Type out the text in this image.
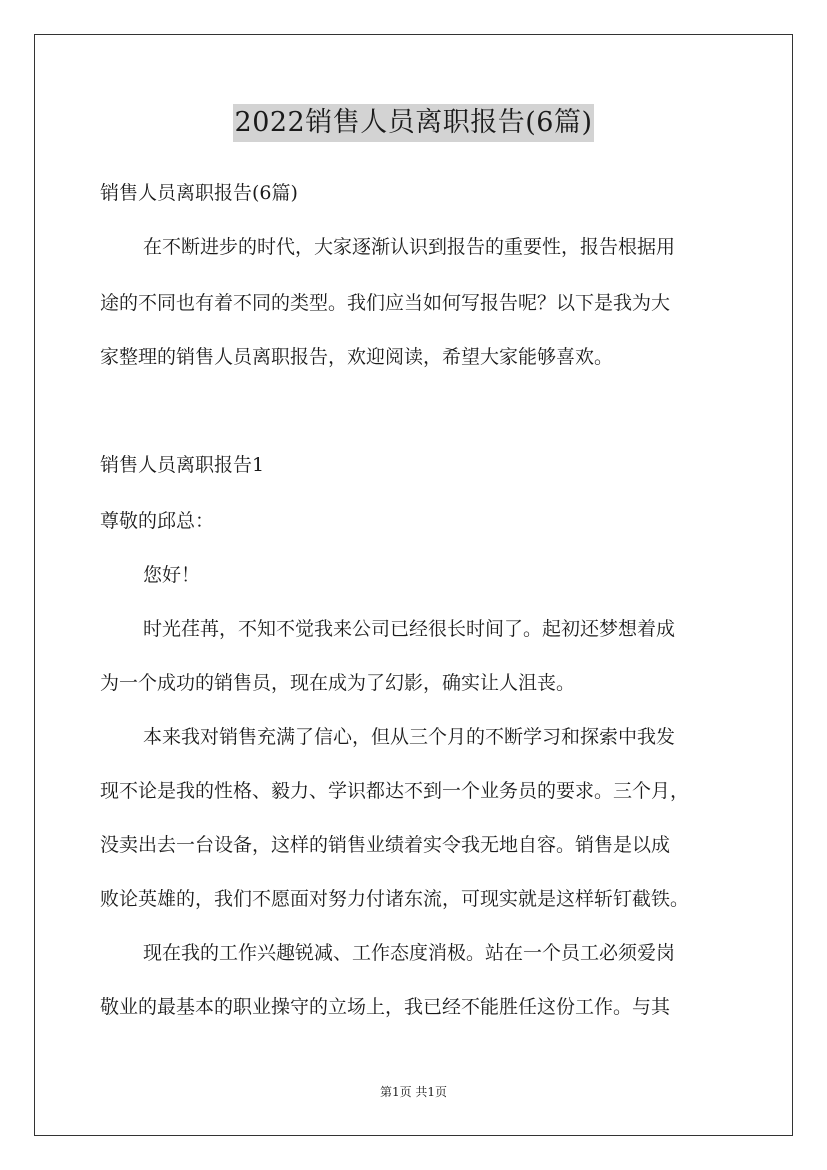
2022销售人员离职报告(6篇)
销售人员离职报告(6篇)
在不断进步的时代，大家逐渐认识到报告的重要性，报告根据用
途的不同也有着不同的类型。我们应当如何写报告呢？以下是我为大
家整理的销售人员离职报告，欢迎阅读，希望大家能够喜欢。
销售人员离职报告1
尊敬的邱总：
您好！
时光荏苒，不知不觉我来公司已经很长时间了。起初还梦想着成
为一个成功的销售员，现在成为了幻影，确实让人沮丧。
本来我对销售充满了信心，但从三个月的不断学习和探索中我发
现不论是我的性格、毅力、学识都达不到一个业务员的要求。三个月，
没卖出去一台设备，这样的销售业绩着实令我无地自容。销售是以成
败论英雄的，我们不愿面对努力付诸东流，可现实就是这样斩钉截铁。
现在我的工作兴趣锐减、工作态度消极。站在一个员工必须爱岗
敬业的最基本的职业操守的立场上，我已经不能胜任这份工作。与其
第1页 共1页
